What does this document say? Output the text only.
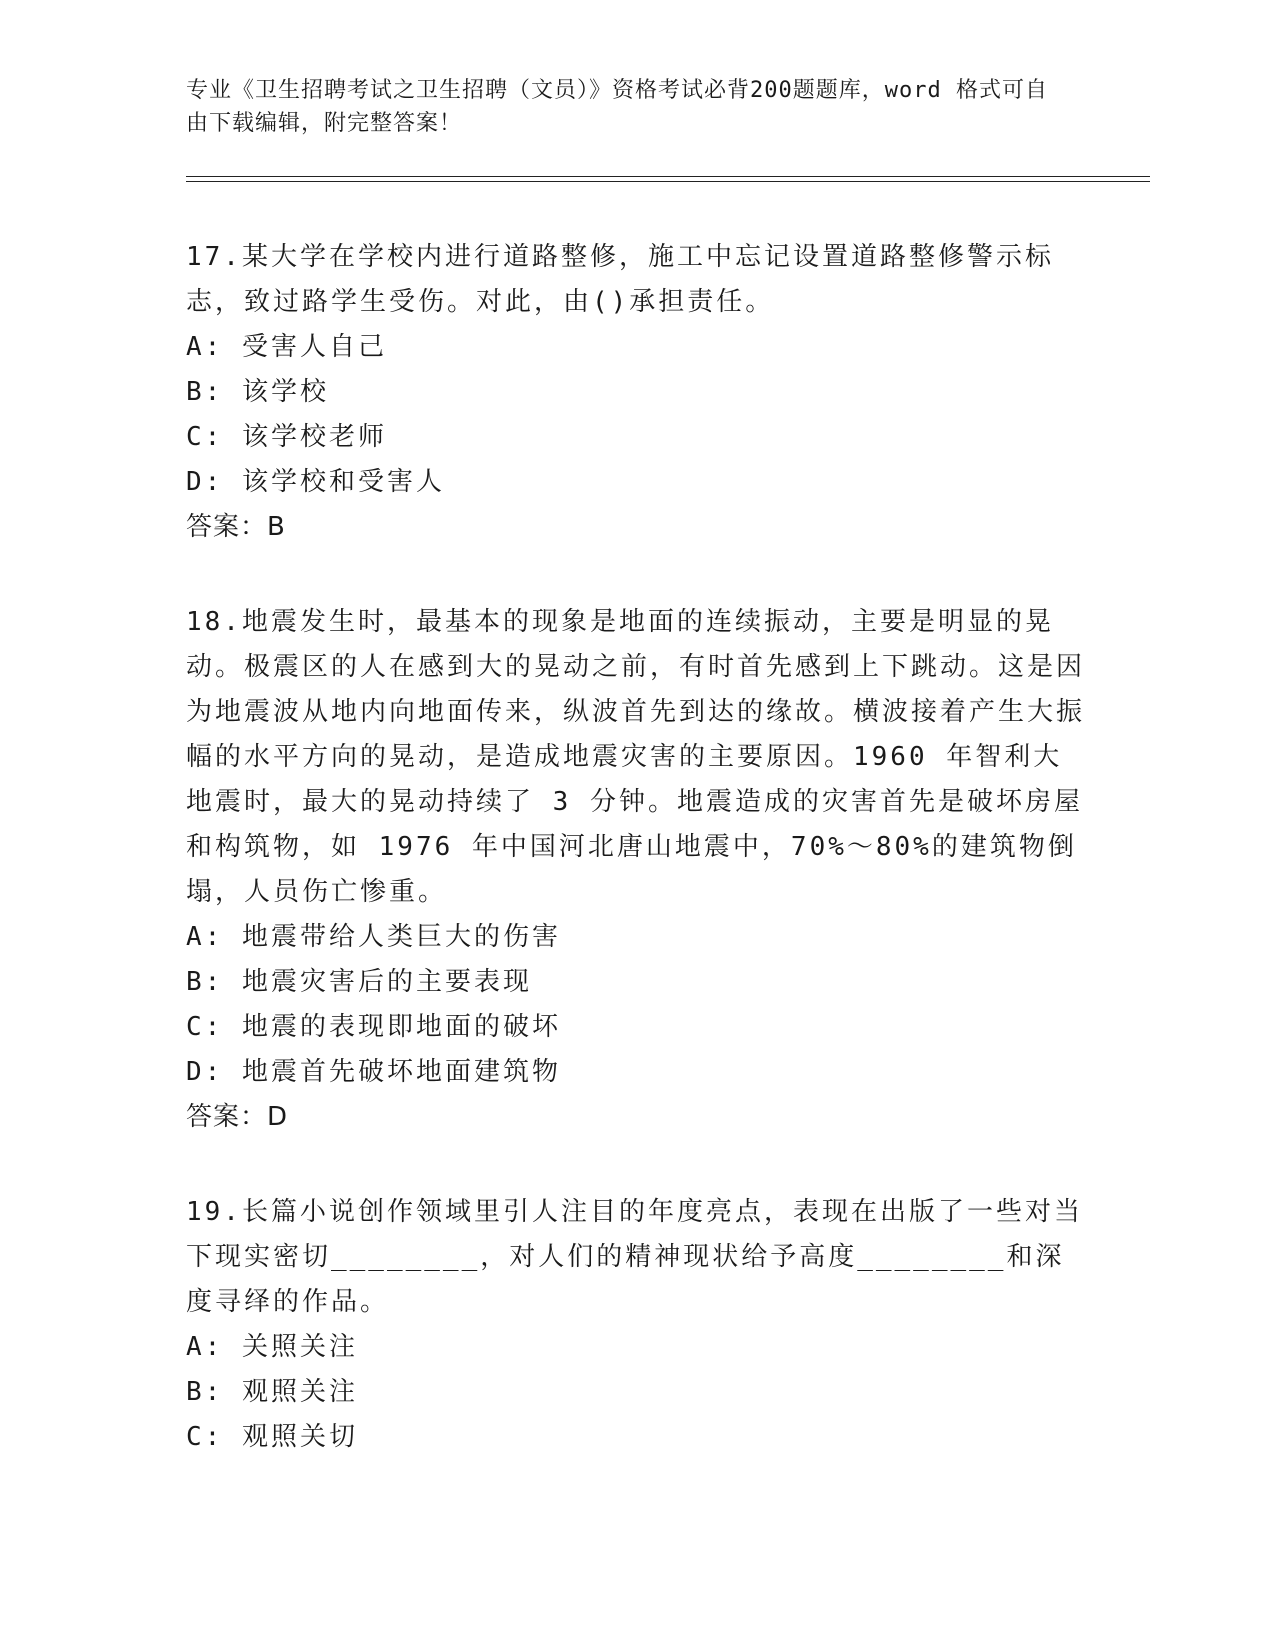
专业《卫生招聘考试之卫生招聘（文员）》资格考试必背200题题库，word 格式可自由下载编辑，附完整答案！

17.某大学在学校内进行道路整修，施工中忘记设置道路整修警示标志，致过路学生受伤。对此，由()承担责任。

A: 受害人自己

B: 该学校

C: 该学校老师

D: 该学校和受害人

答案：B

18.地震发生时，最基本的现象是地面的连续振动，主要是明显的晃动。极震区的人在感到大的晃动之前，有时首先感到上下跳动。这是因为地震波从地内向地面传来，纵波首先到达的缘故。横波接着产生大振幅的水平方向的晃动，是造成地震灾害的主要原因。1960 年智利大地震时，最大的晃动持续了 3 分钟。地震造成的灾害首先是破坏房屋和构筑物，如 1976 年中国河北唐山地震中，70%～80%的建筑物倒塌，人员伤亡惨重。

A: 地震带给人类巨大的伤害

B: 地震灾害后的主要表现

C: 地震的表现即地面的破坏

D: 地震首先破坏地面建筑物

答案：D

19.长篇小说创作领域里引人注目的年度亮点，表现在出版了一些对当下现实密切________，对人们的精神现状给予高度________和深度寻绎的作品。

A: 关照关注

B: 观照关注

C: 观照关切
